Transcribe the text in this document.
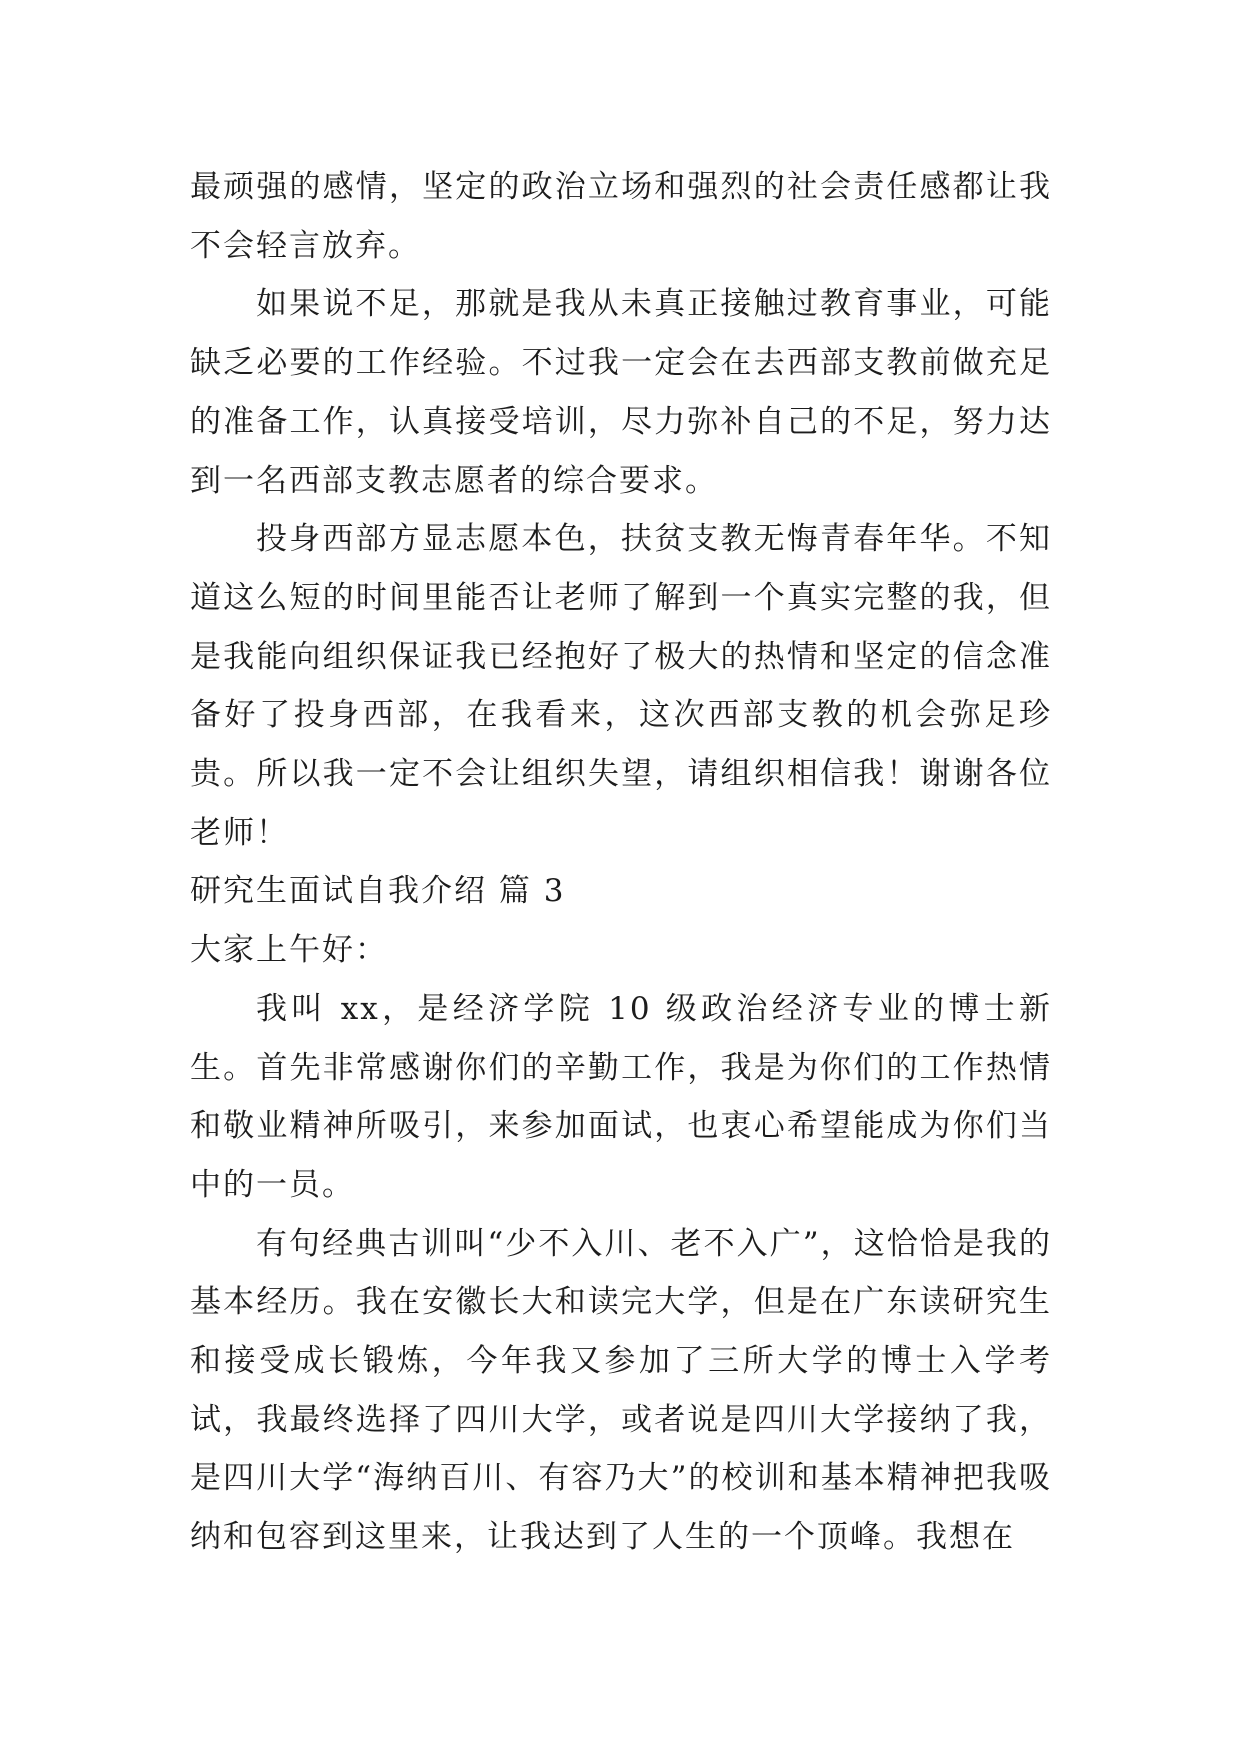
最顽强的感情，坚定的政治立场和强烈的社会责任感都让我不会轻言放弃。

如果说不足，那就是我从未真正接触过教育事业，可能缺乏必要的工作经验。不过我一定会在去西部支教前做充足的准备工作，认真接受培训，尽力弥补自己的不足，努力达到一名西部支教志愿者的综合要求。

投身西部方显志愿本色，扶贫支教无悔青春年华。不知道这么短的时间里能否让老师了解到一个真实完整的我，但是我能向组织保证我已经抱好了极大的热情和坚定的信念准备好了投身西部，在我看来，这次西部支教的机会弥足珍贵。所以我一定不会让组织失望，请组织相信我！谢谢各位老师！

研究生面试自我介绍 篇 3

大家上午好：

我叫 xx，是经济学院 10 级政治经济专业的博士新生。首先非常感谢你们的辛勤工作，我是为你们的工作热情和敬业精神所吸引，来参加面试，也衷心希望能成为你们当中的一员。

有句经典古训叫“少不入川、老不入广”，这恰恰是我的基本经历。我在安徽长大和读完大学，但是在广东读研究生和接受成长锻炼，今年我又参加了三所大学的博士入学考试，我最终选择了四川大学，或者说是四川大学接纳了我，是四川大学“海纳百川、有容乃大”的校训和基本精神把我吸纳和包容到这里来，让我达到了人生的一个顶峰。我想在
